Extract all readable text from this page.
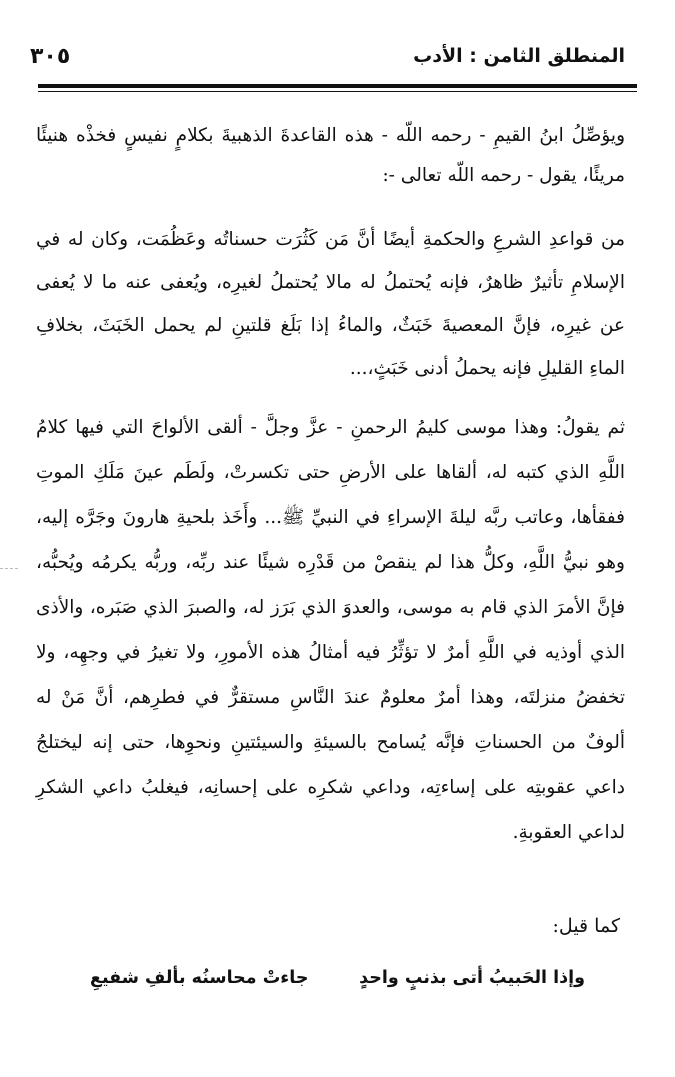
المنطلق الثامن : الأدب
٣٠٥

ويؤصِّلُ ابنُ القيمِ - رحمه اللّه - هذه القاعدةَ الذهبيةَ بكلامٍ نفيسٍ فخذْه هنيئًا مريئًا، يقول - رحمه اللّه تعالى -:

من قواعدِ الشرعِ والحكمةِ أيضًا أنَّ مَن كَثُرَت حسناتُه وعَظُمَت، وكان له في الإسلامِ تأثيرٌ ظاهرٌ، فإنه يُحتملُ له مالا يُحتملُ لغيرِه، ويُعفى عنه ما لا يُعفى عن غيرِه، فإنَّ المعصيةَ خَبَثٌ، والماءُ إذا بَلَغ قلتينِ لم يحمل الخَبَثَ، بخلافِ الماءِ القليلِ فإنه يحملُ أدنى خَبَثٍ،...

ثم يقولُ: وهذا موسى كليمُ الرحمنِ - عزَّ وجلَّ - ألقى الألواحَ التي فيها كلامُ اللَّهِ الذي كتبه له، ألقاها على الأرضِ حتى تكسرتْ، ولَطَم عينَ مَلَكِ الموتِ ففقأها، وعاتب ربَّه ليلةَ الإسراءِ في النبيِّ ﷺ... وأَخَذ بلحيةِ هارونَ وجَرَّه إليه، وهو نبيُّ اللَّهِ، وكلُّ هذا لم ينقصْ من قَدْرِه شيئًا عند ربِّه، وربُّه يكرمُه ويُحبُّه، فإنَّ الأمرَ الذي قام به موسى، والعدوَ الذي بَرَز له، والصبرَ الذي صَبَره، والأذى الذي أوذيه في اللَّهِ أمرٌ لا تؤثِّرُ فيه أمثالُ هذه الأمورِ، ولا تغيرُ في وجهِه، ولا تخفضُ منزلتَه، وهذا أمرٌ معلومٌ عندَ النَّاسِ مستقرٌّ في فطرِهم، أنَّ مَنْ له ألوفٌ من الحسناتِ فإنَّه يُسامح بالسيئةِ والسيئتينِ ونحوِها، حتى إنه ليختلجُ داعي عقوبتِه على إساءتِه، وداعي شكرِه على إحسانِه، فيغلبُ داعي الشكرِ لداعي العقوبةِ.

كما قيل:
وإذا الحَبيبُ أتى بذنبٍ واحدٍ
جاءتْ محاسنُه بألفِ شفيعِ
